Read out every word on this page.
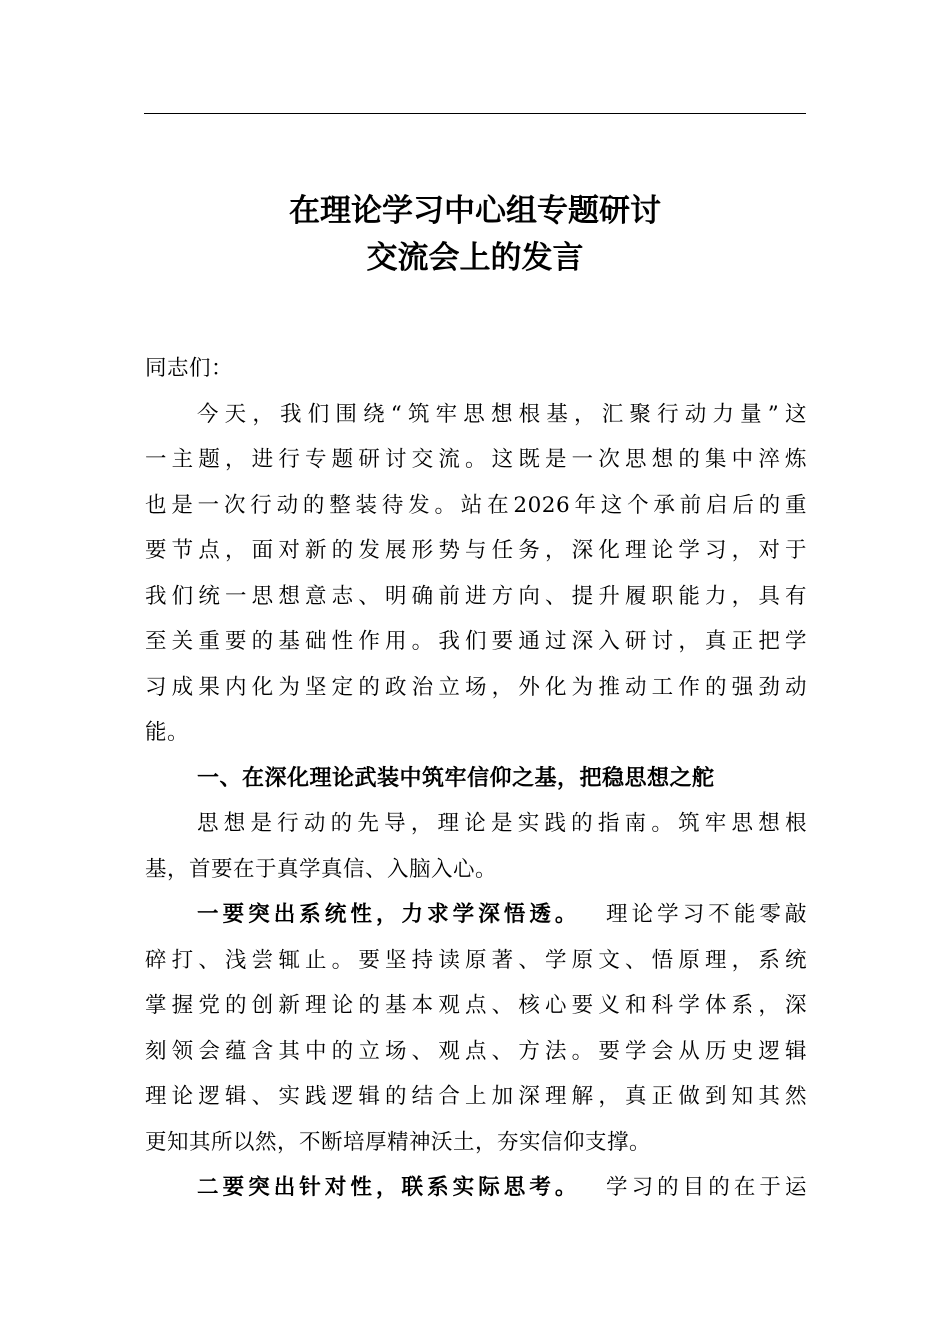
在理论学习中心组专题研讨
交流会上的发言

同志们：

今天，我们围绕“筑牢思想根基，汇聚行动力量”这
一主题，进行专题研讨交流。这既是一次思想的集中淬炼
也是一次行动的整装待发。站在2026年这个承前启后的重
要节点，面对新的发展形势与任务，深化理论学习，对于
我们统一思想意志、明确前进方向、提升履职能力，具有
至关重要的基础性作用。我们要通过深入研讨，真正把学
习成果内化为坚定的政治立场，外化为推动工作的强劲动
能。

一、在深化理论武装中筑牢信仰之基，把稳思想之舵

思想是行动的先导，理论是实践的指南。筑牢思想根
基，首要在于真学真信、入脑入心。

一要突出系统性，力求学深悟透。  理论学习不能零敲
碎打、浅尝辄止。要坚持读原著、学原文、悟原理，系统
掌握党的创新理论的基本观点、核心要义和科学体系，深
刻领会蕴含其中的立场、观点、方法。要学会从历史逻辑
理论逻辑、实践逻辑的结合上加深理解，真正做到知其然
更知其所以然，不断培厚精神沃土，夯实信仰支撑。

二要突出针对性，联系实际思考。  学习的目的在于运
